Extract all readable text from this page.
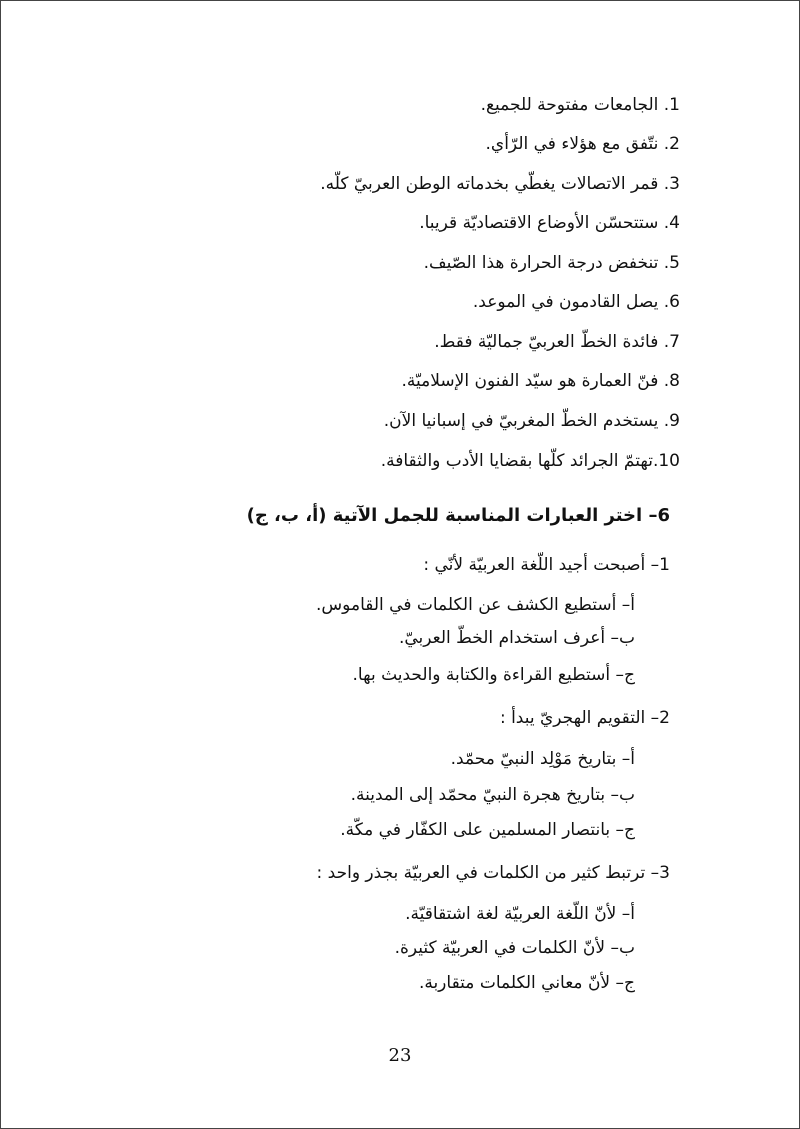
1. الجامعات مفتوحة للجميع.
2. نتّفق مع هؤلاء في الرّأي.
3. قمر الاتصالات يغطّي بخدماته الوطن العربيّ كلّه.
4. ستتحسّن الأوضاع الاقتصاديّة قريبا.
5. تنخفض درجة الحرارة هذا الصّيف.
6. يصل القادمون في الموعد.
7. فائدة الخطّ العربيّ جماليّة فقط.
8. فنّ العمارة هو سيّد الفنون الإسلاميّة.
9. يستخدم الخطّ المغربيّ في إسبانيا الآن.
10.تهتمّ الجرائد كلّها بقضايا الأدب والثقافة.
6– اختر العبارات المناسبة للجمل الآتية (أ، ب، ج)
1– أصبحت أجيد اللّغة العربيّة لأنّي :
أ– أستطيع الكشف عن الكلمات في القاموس.
ب– أعرف استخدام الخطّ العربيّ.
ج– أستطيع القراءة والكتابة والحديث بها.
2– التقويم الهجريّ يبدأ :
أ– بتاريخ مَوْلِد النبيّ محمّد.
ب– بتاريخ هجرة النبيّ محمّد إلى المدينة.
ج– بانتصار المسلمين على الكفّار في مكّة.
3– ترتبط كثير من الكلمات في العربيّة بجذر واحد :
أ– لأنّ اللّغة العربيّة لغة اشتقاقيّة.
ب– لأنّ الكلمات في العربيّة كثيرة.
ج– لأنّ معاني الكلمات متقاربة.
23
